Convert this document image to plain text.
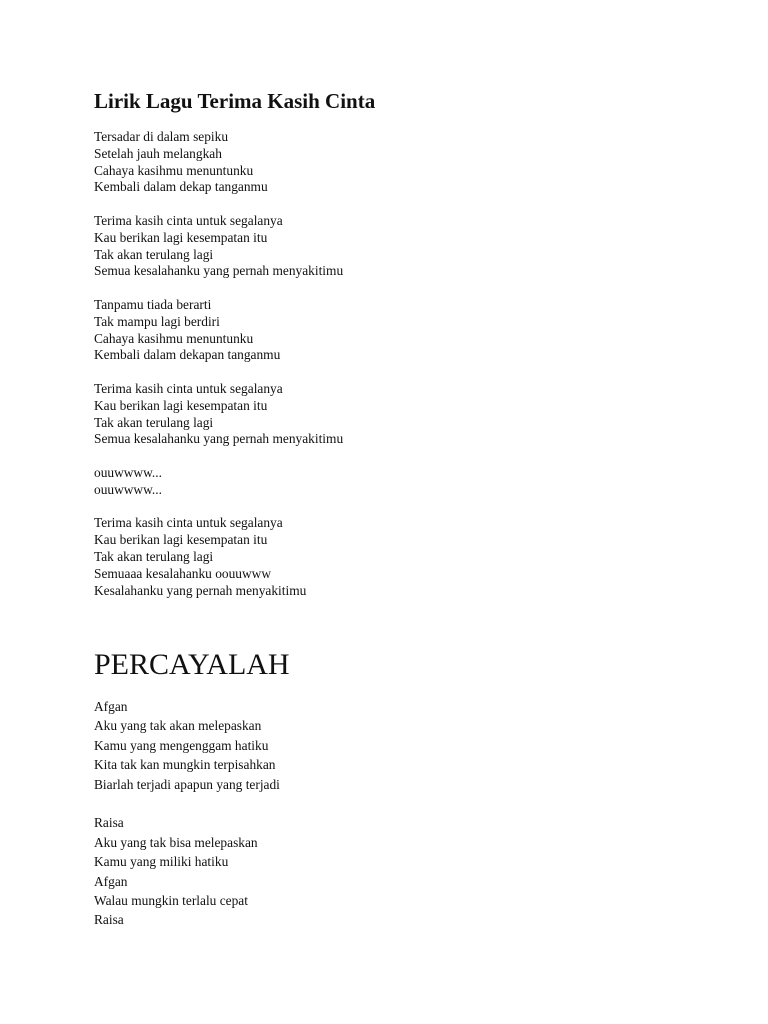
Lirik Lagu Terima Kasih Cinta
Tersadar di dalam sepiku
Setelah jauh melangkah
Cahaya kasihmu menuntunku
Kembali dalam dekap tanganmu
Terima kasih cinta untuk segalanya
Kau berikan lagi kesempatan itu
Tak akan terulang lagi
Semua kesalahanku yang pernah menyakitimu
Tanpamu tiada berarti
Tak mampu lagi berdiri
Cahaya kasihmu menuntunku
Kembali dalam dekapan tanganmu
Terima kasih cinta untuk segalanya
Kau berikan lagi kesempatan itu
Tak akan terulang lagi
Semua kesalahanku yang pernah menyakitimu
ouuwwww...
ouuwwww...
Terima kasih cinta untuk segalanya
Kau berikan lagi kesempatan itu
Tak akan terulang lagi
Semuaaa kesalahanku oouuwww
Kesalahanku yang pernah menyakitimu
PERCAYALAH
Afgan
Aku yang tak akan melepaskan
Kamu yang mengenggam hatiku
Kita tak kan mungkin terpisahkan
Biarlah terjadi apapun yang terjadi
Raisa
Aku yang tak bisa melepaskan
Kamu yang miliki hatiku
Afgan
Walau mungkin terlalu cepat
Raisa
